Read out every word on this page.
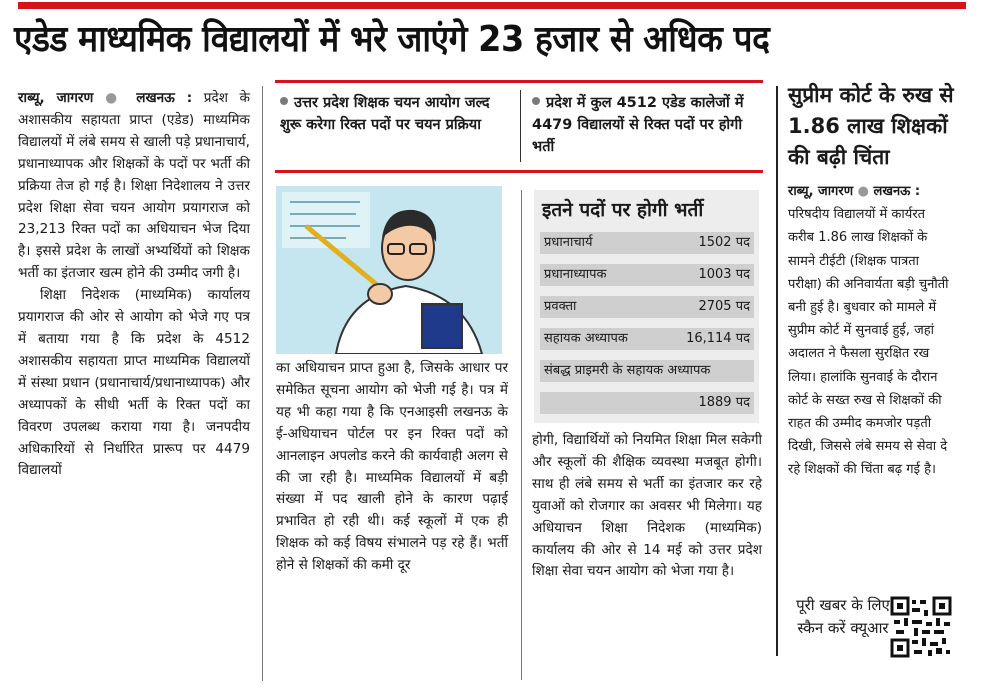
एडेड माध्यमिक विद्यालयों में भरे जाएंगे 23 हजार से अधिक पद

राब्यू, जागरण ● लखनऊ : प्रदेश के अशासकीय सहायता प्राप्त (एडेड) माध्यमिक विद्यालयों में लंबे समय से खाली पड़े प्रधानाचार्य, प्रधानाध्यापक और शिक्षकों के पदों पर भर्ती की प्रक्रिया तेज हो गई है। शिक्षा निदेशालय ने उत्तर प्रदेश शिक्षा सेवा चयन आयोग प्रयागराज को 23,213 रिक्त पदों का अधियाचन भेज दिया है। इससे प्रदेश के लाखों अभ्यर्थियों को शिक्षक भर्ती का इंतजार खत्म होने की उम्मीद जगी है।

शिक्षा निदेशक (माध्यमिक) कार्यालय प्रयागराज की ओर से आयोग को भेजे गए पत्र में बताया गया है कि प्रदेश के 4512 अशासकीय सहायता प्राप्त माध्यमिक विद्यालयों में संस्था प्रधान (प्रधानाचार्य/प्रधानाध्यापक) और अध्यापकों के सीधी भर्ती के रिक्त पदों का विवरण उपलब्ध कराया गया है। जनपदीय अधिकारियों से निर्धारित प्रारूप पर 4479 विद्यालयों

उत्तर प्रदेश शिक्षक चयन आयोग जल्द शुरू करेगा रिक्त पदों पर चयन प्रक्रिया
प्रदेश में कुल 4512 एडेड कालेजों में 4479 विद्यालयों से रिक्त पदों पर होगी भर्ती

का अधियाचन प्राप्त हुआ है, जिसके आधार पर समेकित सूचना आयोग को भेजी गई है। पत्र में यह भी कहा गया है कि एनआइसी लखनऊ के ई-अधियाचन पोर्टल पर इन रिक्त पदों को आनलाइन अपलोड करने की कार्यवाही अलग से की जा रही है। माध्यमिक विद्यालयों में बड़ी संख्या में पद खाली होने के कारण पढ़ाई प्रभावित हो रही थी। कई स्कूलों में एक ही शिक्षक को कई विषय संभालने पड़ रहे हैं। भर्ती होने से शिक्षकों की कमी दूर

इतने पदों पर होगी भर्ती
प्रधानाचार्य	1502 पद
प्रधानाध्यापक	1003 पद
प्रवक्ता	2705 पद
सहायक अध्यापक	16,114 पद
संबद्ध प्राइमरी के सहायक अध्यापक
1889 पद

होगी, विद्यार्थियों को नियमित शिक्षा मिल सकेगी और स्कूलों की शैक्षिक व्यवस्था मजबूत होगी। साथ ही लंबे समय से भर्ती का इंतजार कर रहे युवाओं को रोजगार का अवसर भी मिलेगा। यह अधियाचन शिक्षा निदेशक (माध्यमिक) कार्यालय की ओर से 14 मई को उत्तर प्रदेश शिक्षा सेवा चयन आयोग को भेजा गया है।

सुप्रीम कोर्ट के रुख से 1.86 लाख शिक्षकों की बढ़ी चिंता

राब्यू, जागरण ● लखनऊ : परिषदीय विद्यालयों में कार्यरत करीब 1.86 लाख शिक्षकों के सामने टीईटी (शिक्षक पात्रता परीक्षा) की अनिवार्यता बड़ी चुनौती बनी हुई है। बुधवार को मामले में सुप्रीम कोर्ट में सुनवाई हुई, जहां अदालत ने फैसला सुरक्षित रख लिया। हालांकि सुनवाई के दौरान कोर्ट के सख्त रुख से शिक्षकों की राहत की उम्मीद कमजोर पड़ती दिखी, जिससे लंबे समय से सेवा दे रहे शिक्षकों की चिंता बढ़ गई है।

पूरी खबर के लिए स्कैन करें क्यूआर
